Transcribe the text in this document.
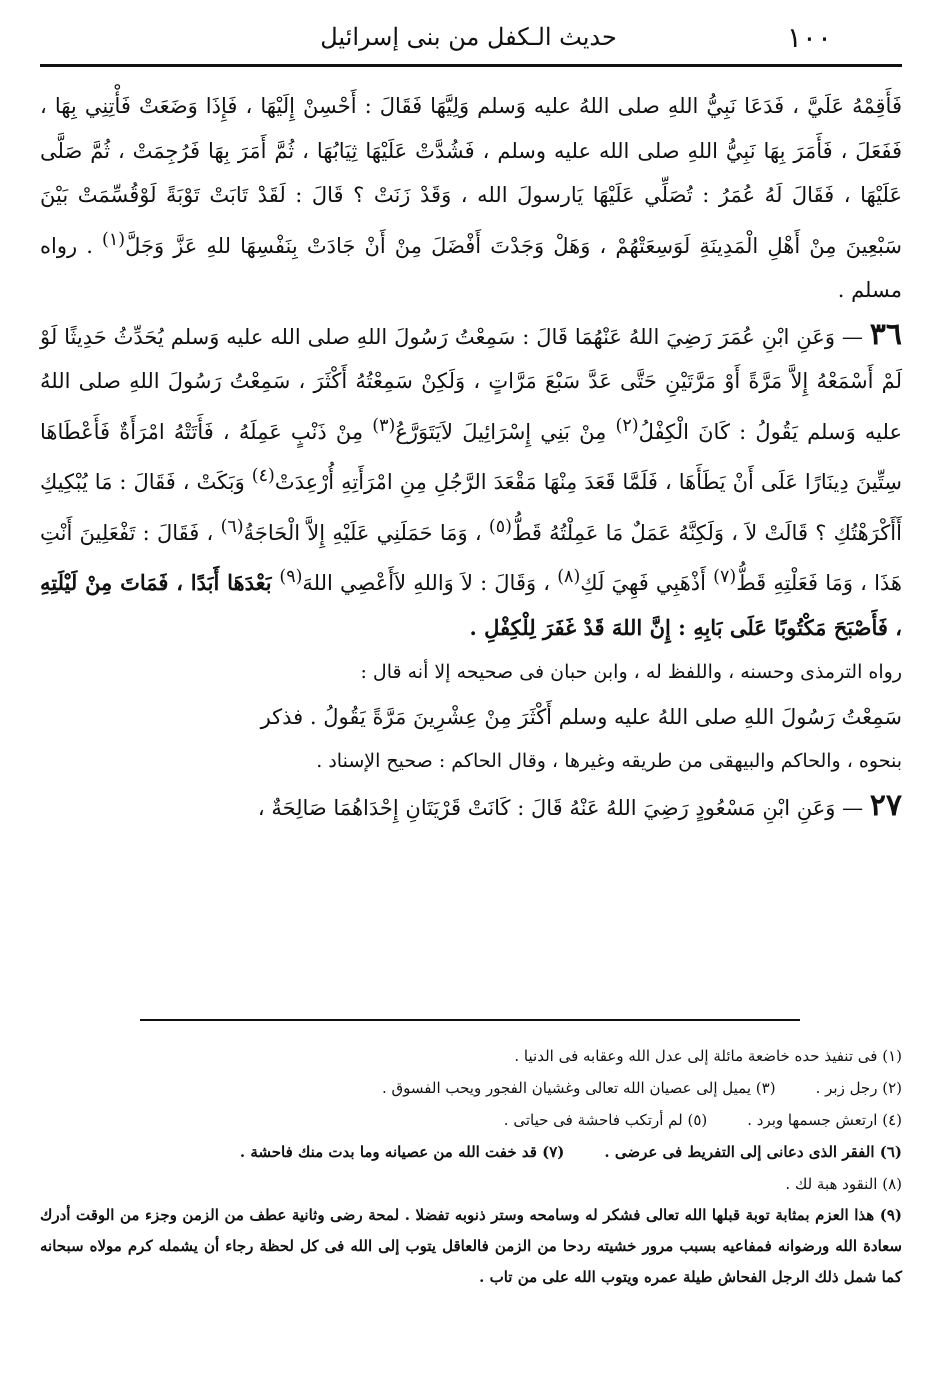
١٠٠
حديث الـكفل من بنى إسرائيل

فَأَقِمْهُ عَلَيَّ ، فَدَعَا نَبِيُّ اللهِ صلى اللهُ عليه وَسلم وَلِيَّهَا فَقَالَ : أَحْسِنْ إِلَيْهَا ، فَإِذَا وَضَعَتْ فَأْتِنِي بِهَا ، فَفَعَلَ ، فَأَمَرَ بِهَا نَبِيُّ اللهِ صلى الله عليه وسلم ، فَشُدَّتْ عَلَيْهَا ثِيَابُهَا ، ثُمَّ أَمَرَ بِهَا فَرُجِمَتْ ، ثُمَّ صَلَّى عَلَيْهَا ، فَقَالَ لَهُ عُمَرُ : تُصَلِّي عَلَيْهَا يَارسولَ الله ، وَقَدْ زَنَتْ ؟ قَالَ : لَقَدْ تَابَتْ تَوْبَةً لَوْقُسِّمَتْ بَيْنَ سَبْعِينَ مِنْ أَهْلِ الْمَدِينَةِ لَوَسِعَتْهُمْ ، وَهَلْ وَجَدْتَ أَفْضَلَ مِنْ أَنْ جَادَتْ بِنَفْسِهَا للهِ عَزَّ وَجَلَّ$^{(١)}$ . رواه مسلم .

٣٦ — وَعَنِ ابْنِ عُمَرَ رَضِيَ اللهُ عَنْهُمَا قَالَ : سَمِعْتُ رَسُولَ اللهِ صلى الله عليه وَسلم يُحَدِّثُ حَدِيثًا لَوْ لَمْ أَسْمَعْهُ إِلاَّ مَرَّةً أَوْ مَرَّتَيْنِ حَتَّى عَدَّ سَبْعَ مَرَّاتٍ ، وَلَكِنْ سَمِعْتُهُ أَكْثَرَ ، سَمِعْتُ رَسُولَ اللهِ صلى اللهُ عليه وَسلم يَقُولُ : كَانَ الْكِفْلُ$^{(٢)}$ مِنْ بَنِي إِسْرَائِيلَ لاَيَتَوَرَّعُ$^{(٣)}$ مِنْ ذَنْبٍ عَمِلَهُ ، فَأَتَتْهُ امْرَأَةٌ فَأَعْطَاهَا سِتِّينَ دِينَارًا عَلَى أَنْ يَطَأَهَا ، فَلَمَّا قَعَدَ مِنْهَا مَقْعَدَ الرَّجُلِ مِنِ امْرَأَتِهِ أُرْعِدَتْ$^{(٤)}$ وَبَكَتْ ، فَقَالَ : مَا يُبْكِيكِ أَأَكْرَهْتُكِ ؟ قَالَتْ لاَ ، وَلَكِنَّهُ عَمَلٌ مَا عَمِلْتُهُ قَطُّ$^{(٥)}$ ، وَمَا حَمَلَنِي عَلَيْهِ إِلاَّ الْحَاجَةُ$^{(٦)}$ ، فَقَالَ : تَفْعَلِينَ أَنْتِ هَذَا ، وَمَا فَعَلْتِهِ قَطُّ$^{(٧)}$ أَذْهَبِي فَهِيَ لَكِ$^{(٨)}$ ، وَقَالَ : لاَ وَاللهِ لاَأَعْصِي اللهَ$^{(٩)}$ بَعْدَهَا أَبَدًا ، فَمَاتَ مِنْ لَيْلَتِهِ ، فَأَصْبَحَ مَكْتُوبًا عَلَى بَابِهِ : إِنَّ اللهَ قَدْ غَفَرَ لِلْكِفْلِ .

رواه الترمذى وحسنه ، واللفظ له ، وابن حبان فى صحيحه إلا أنه قال :

سَمِعْتُ رَسُولَ اللهِ صلى اللهُ عليه وسلم أَكْثَرَ مِنْ عِشْرِينَ مَرَّةً يَقُولُ . فذكر

بنحوه ، والحاكم والبيهقى من طريقه وغيرها ، وقال الحاكم : صحيح الإسناد .

٢٧ — وَعَنِ ابْنِ مَسْعُودٍ رَضِيَ اللهُ عَنْهُ قَالَ : كَانَتْ قَرْيَتَانِ إِحْدَاهُمَا صَالِحَةٌ ،

(١) فى تنفيذ حده خاضعة مائلة إلى عدل الله وعقابه فى الدنيا .
(٢) رجل زبر .(٣) يميل إلى عصيان الله تعالى وغشيان الفجور ويحب الفسوق .
(٤) ارتعش جسمها وبرد .(٥) لم أرتكب فاحشة فى حياتى .
(٦) الفقر الذى دعانى إلى التفريط فى عرضى .(٧) قد خفت الله من عصيانه وما بدت منك فاحشة .
(٨) النقود هبة لك .
(٩) هذا العزم بمثابة توبة قبلها الله تعالى فشكر له وسامحه وستر ذنوبه تفضلا . لمحة رضى وثانية عطف من الزمن وجزء من الوقت أدرك سعادة الله ورضوانه فمفاعيه بسبب مرور خشيته ردحا من الزمن فالعاقل يتوب إلى الله فى كل لحظة رجاء أن يشمله كرم مولاه سبحانه كما شمل ذلك الرجل الفحاش طيلة عمره ويتوب الله على من تاب .
